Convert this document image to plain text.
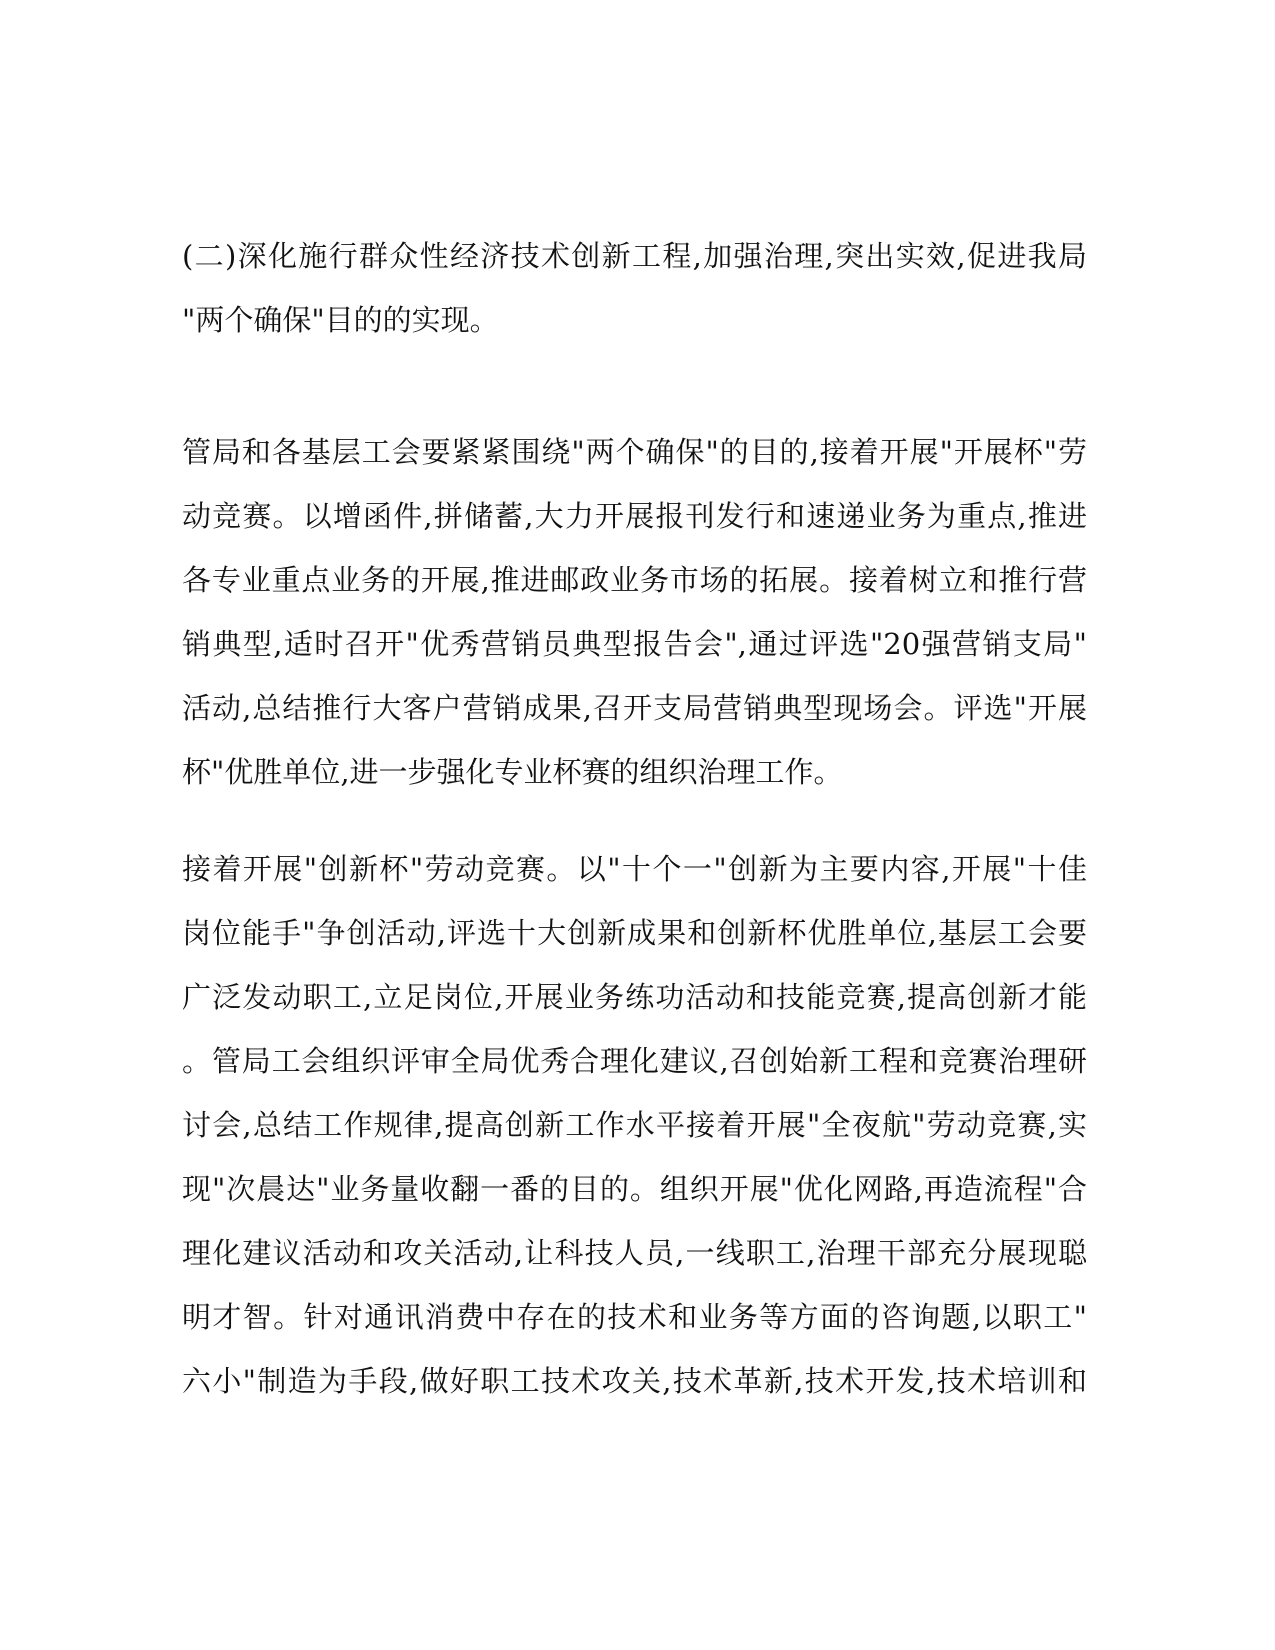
(二)深化施行群众性经济技术创新工程,加强治理,突出实效,促进我局
"两个确保"目的的实现。
管局和各基层工会要紧紧围绕"两个确保"的目的,接着开展"开展杯"劳
动竞赛。以增函件,拼储蓄,大力开展报刊发行和速递业务为重点,推进
各专业重点业务的开展,推进邮政业务市场的拓展。接着树立和推行营
销典型,适时召开"优秀营销员典型报告会",通过评选"20强营销支局"
活动,总结推行大客户营销成果,召开支局营销典型现场会。评选"开展
杯"优胜单位,进一步强化专业杯赛的组织治理工作。
接着开展"创新杯"劳动竞赛。以"十个一"创新为主要内容,开展"十佳
岗位能手"争创活动,评选十大创新成果和创新杯优胜单位,基层工会要
广泛发动职工,立足岗位,开展业务练功活动和技能竞赛,提高创新才能
。管局工会组织评审全局优秀合理化建议,召创始新工程和竞赛治理研
讨会,总结工作规律,提高创新工作水平接着开展"全夜航"劳动竞赛,实
现"次晨达"业务量收翻一番的目的。组织开展"优化网路,再造流程"合
理化建议活动和攻关活动,让科技人员,一线职工,治理干部充分展现聪
明才智。针对通讯消费中存在的技术和业务等方面的咨询题,以职工"
六小"制造为手段,做好职工技术攻关,技术革新,技术开发,技术培训和
